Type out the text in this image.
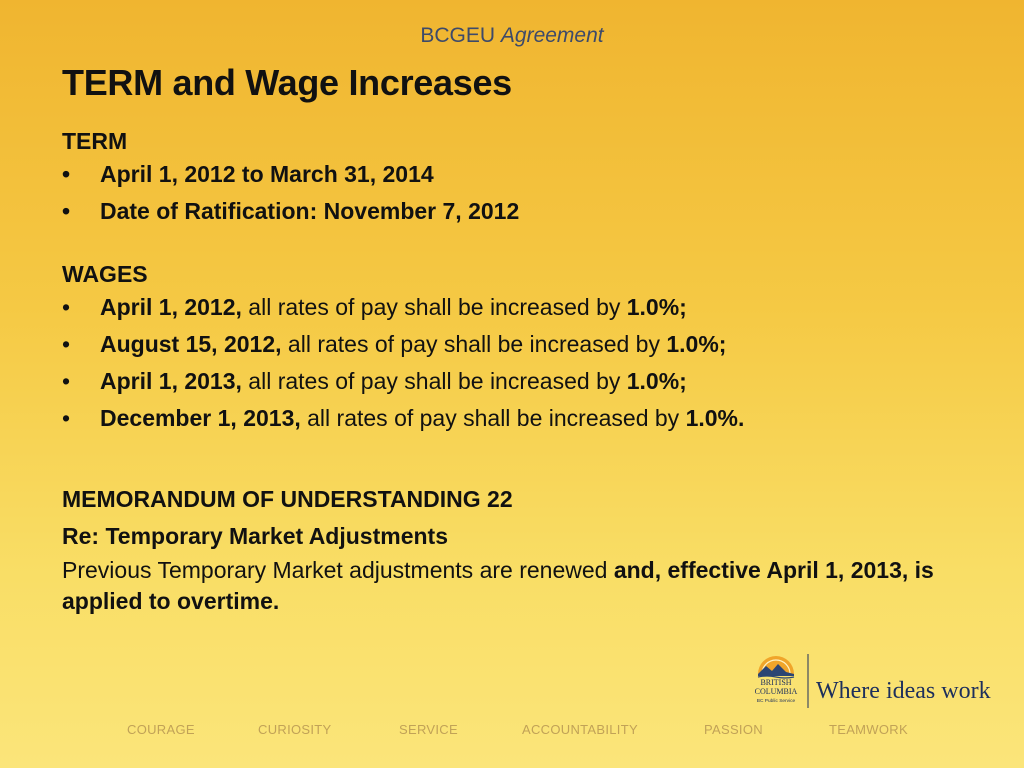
BCGEU Agreement
TERM and Wage Increases

TERM

• April 1, 2012 to March 31, 2014
• Date of Ratification: November 7, 2012

WAGES

• April 1, 2012, all rates of pay shall be increased by 1.0%;
• August 15, 2012, all rates of pay shall be increased by 1.0%;
• April 1, 2013, all rates of pay shall be increased by 1.0%;
• December 1, 2013, all rates of pay shall be increased by 1.0%.

MEMORANDUM OF UNDERSTANDING 22

Re: Temporary Market Adjustments

Previous Temporary Market adjustments are renewed and, effective April 1, 2013, is applied to overtime.

BRITISH
COLUMBIA
BC Public Service Where ideas work
COURAGE	CURIOSITY	SERVICE	ACCOUNTABILITY	PASSION	TEAMWORK
